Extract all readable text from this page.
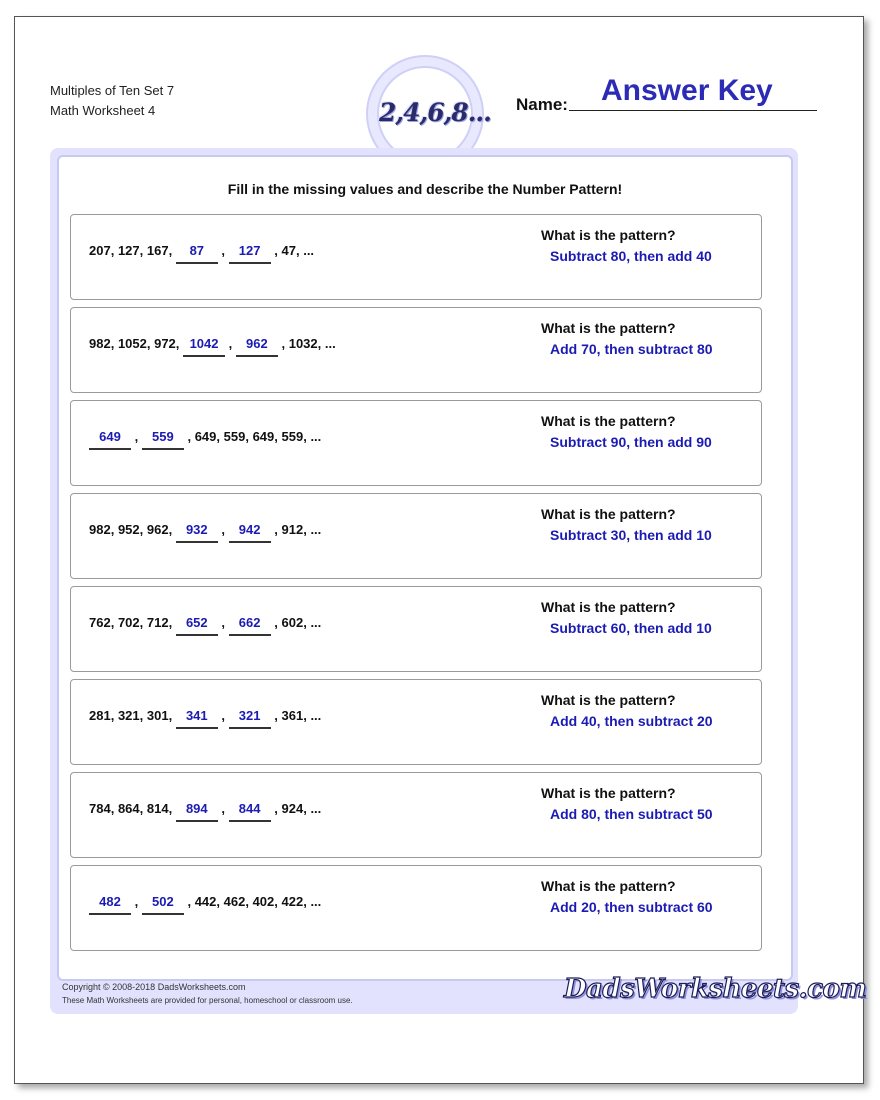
Multiples of Ten Set 7
Math Worksheet 4	2,4,6,8... Name: Answer Key
Fill in the missing values and describe the Number Pattern!
207, 127, 167, 87 , 127 , 47, ...
What is the pattern?
Subtract 80, then add 40
982, 1052, 972, 1042 , 962 , 1032, ...
What is the pattern?
Add 70, then subtract 80
649 , 559 , 649, 559, 649, 559, ...
What is the pattern?
Subtract 90, then add 90
982, 952, 962, 932 , 942 , 912, ...
What is the pattern?
Subtract 30, then add 10
762, 702, 712, 652 , 662 , 602, ...
What is the pattern?
Subtract 60, then add 10
281, 321, 301, 341 , 321 , 361, ...
What is the pattern?
Add 40, then subtract 20
784, 864, 814, 894 , 844 , 924, ...
What is the pattern?
Add 80, then subtract 50
482 , 502 , 442, 462, 402, 422, ...
What is the pattern?
Add 20, then subtract 60
Copyright © 2008-2018 DadsWorksheets.com
These Math Worksheets are provided for personal, homeschool or classroom use.	DadsWorksheets.com
